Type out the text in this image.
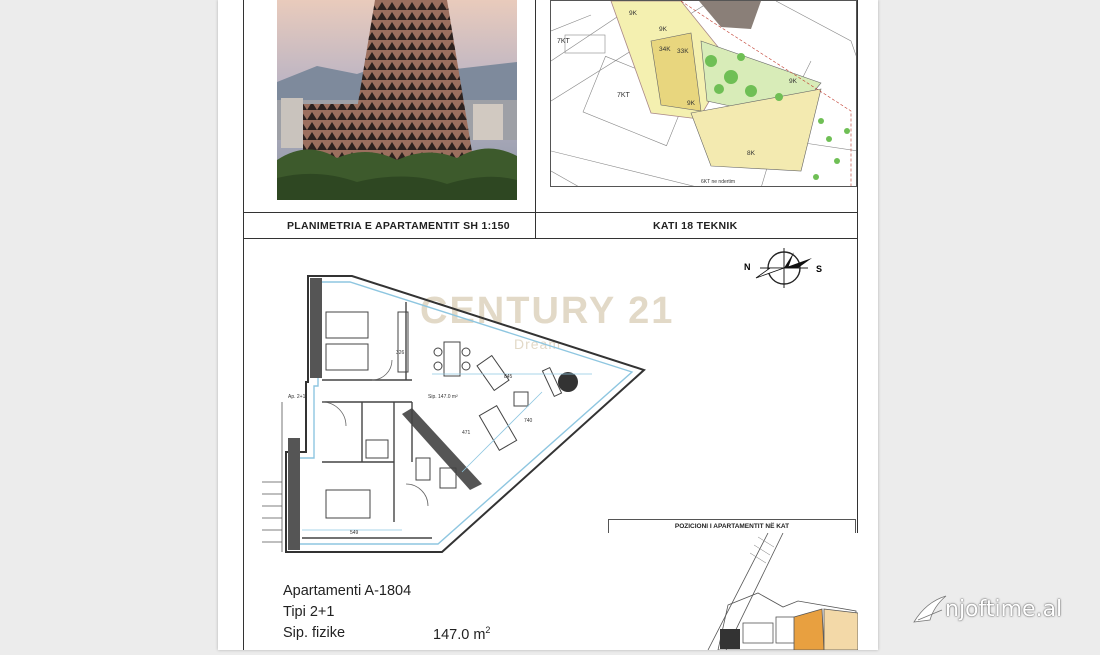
7KT
7KT
9K
34K 33K
9K
9K
9K
8K
6KT ne ndertim
PLANIMETRIA E APARTAMENTIT SH 1:150	KATI 18 TEKNIK
CENTURY 21
Dream
N	S
Ap. 2+1	Sip. 147.0 m²
326
845
740
471
549
Apartamenti A-1804
Tipi 2+1
Sip. fizike	147.0 $m^2$
POZICIONI I APARTAMENTIT NË KAT
njoftime.al
